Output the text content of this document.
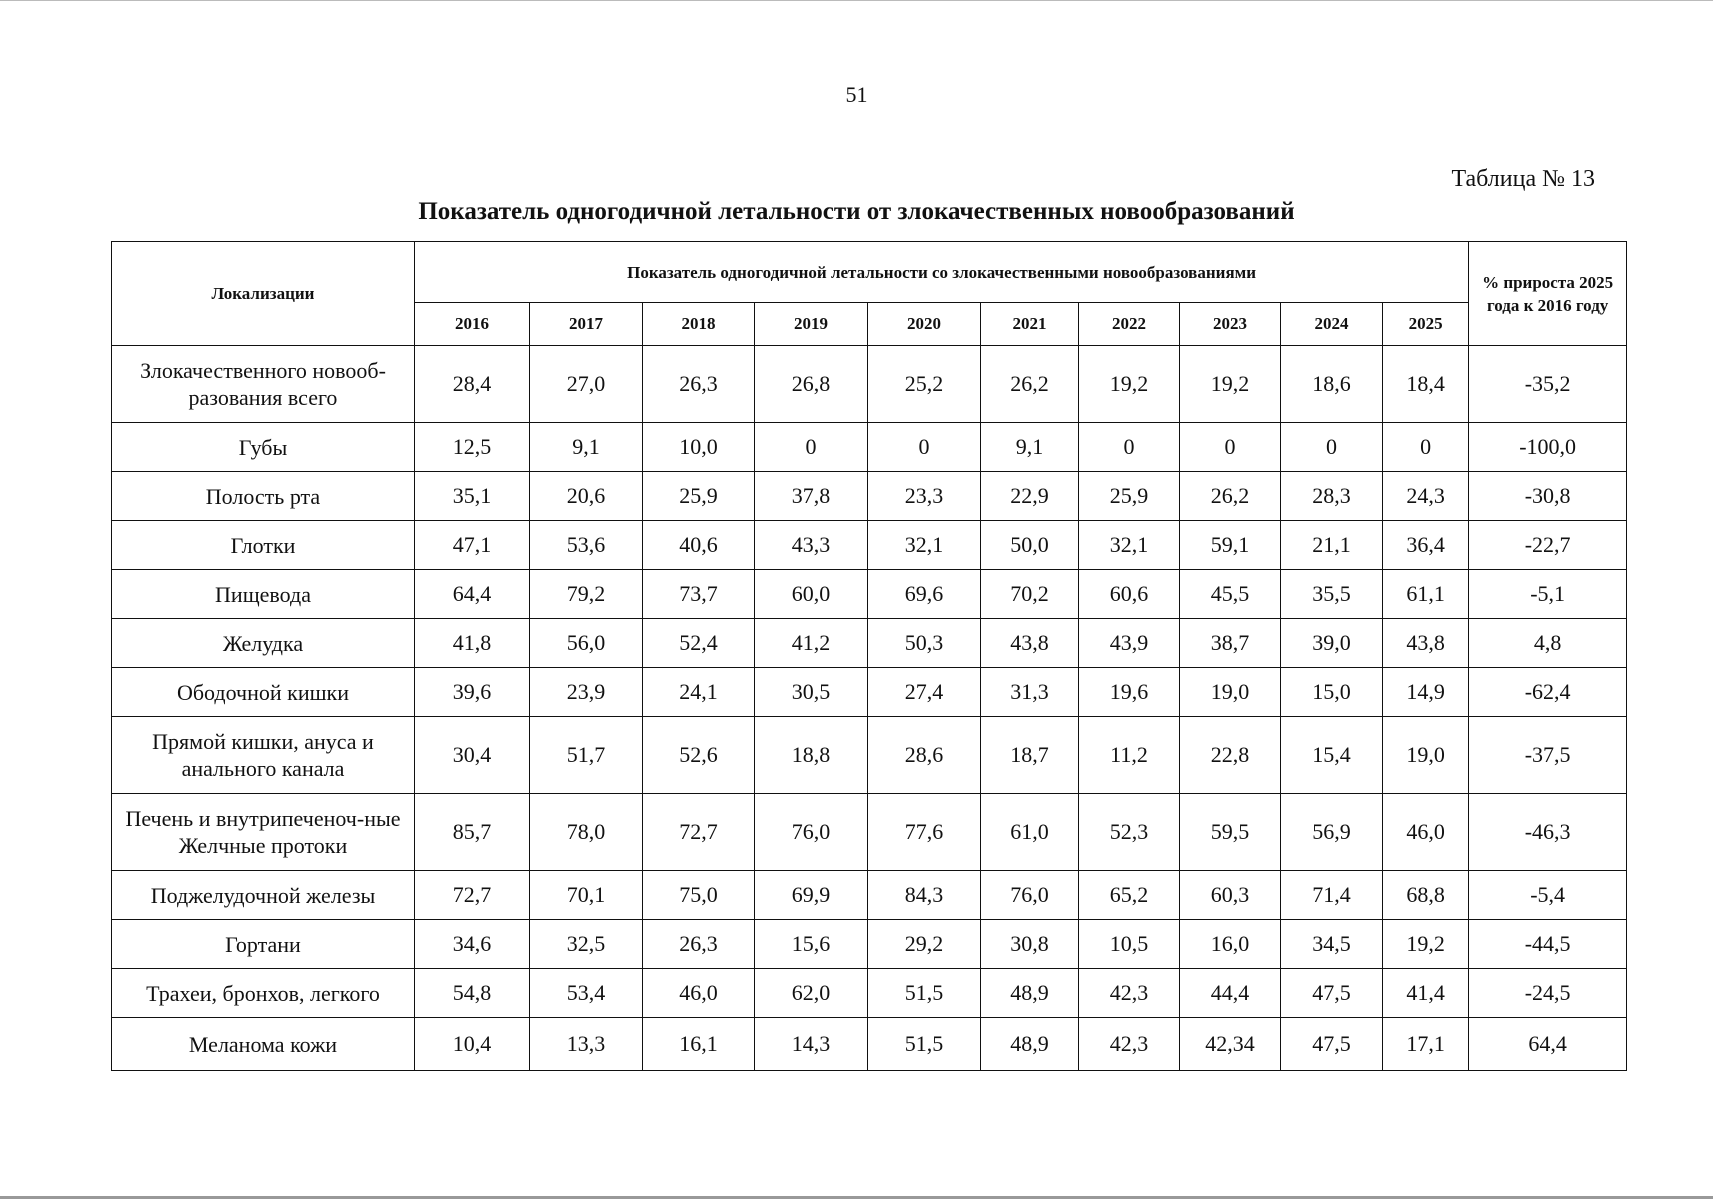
51
Таблица № 13
Показатель одногодичной летальности от злокачественных новообразований
Локализации	Показатель одногодичной летальности со злокачественными новообразованиями										% прироста 2025 года к 2016 году
	2016	2017	2018	2019	2020	2021	2022	2023	2024	2025	
Злокачественного новооб-разования всего	28,4	27,0	26,3	26,8	25,2	26,2	19,2	19,2	18,6	18,4	-35,2
Губы	12,5	9,1	10,0	0	0	9,1	0	0	0	0	-100,0
Полость рта	35,1	20,6	25,9	37,8	23,3	22,9	25,9	26,2	28,3	24,3	-30,8
Глотки	47,1	53,6	40,6	43,3	32,1	50,0	32,1	59,1	21,1	36,4	-22,7
Пищевода	64,4	79,2	73,7	60,0	69,6	70,2	60,6	45,5	35,5	61,1	-5,1
Желудка	41,8	56,0	52,4	41,2	50,3	43,8	43,9	38,7	39,0	43,8	4,8
Ободочной кишки	39,6	23,9	24,1	30,5	27,4	31,3	19,6	19,0	15,0	14,9	-62,4
Прямой кишки, ануса и анального канала	30,4	51,7	52,6	18,8	28,6	18,7	11,2	22,8	15,4	19,0	-37,5
Печень и внутрипеченоч-ные Желчные протоки	85,7	78,0	72,7	76,0	77,6	61,0	52,3	59,5	56,9	46,0	-46,3
Поджелудочной железы	72,7	70,1	75,0	69,9	84,3	76,0	65,2	60,3	71,4	68,8	-5,4
Гортани	34,6	32,5	26,3	15,6	29,2	30,8	10,5	16,0	34,5	19,2	-44,5
Трахеи, бронхов, легкого	54,8	53,4	46,0	62,0	51,5	48,9	42,3	44,4	47,5	41,4	-24,5
Меланома кожи	10,4	13,3	16,1	14,3	51,5	48,9	42,3	42,34	47,5	17,1	64,4
